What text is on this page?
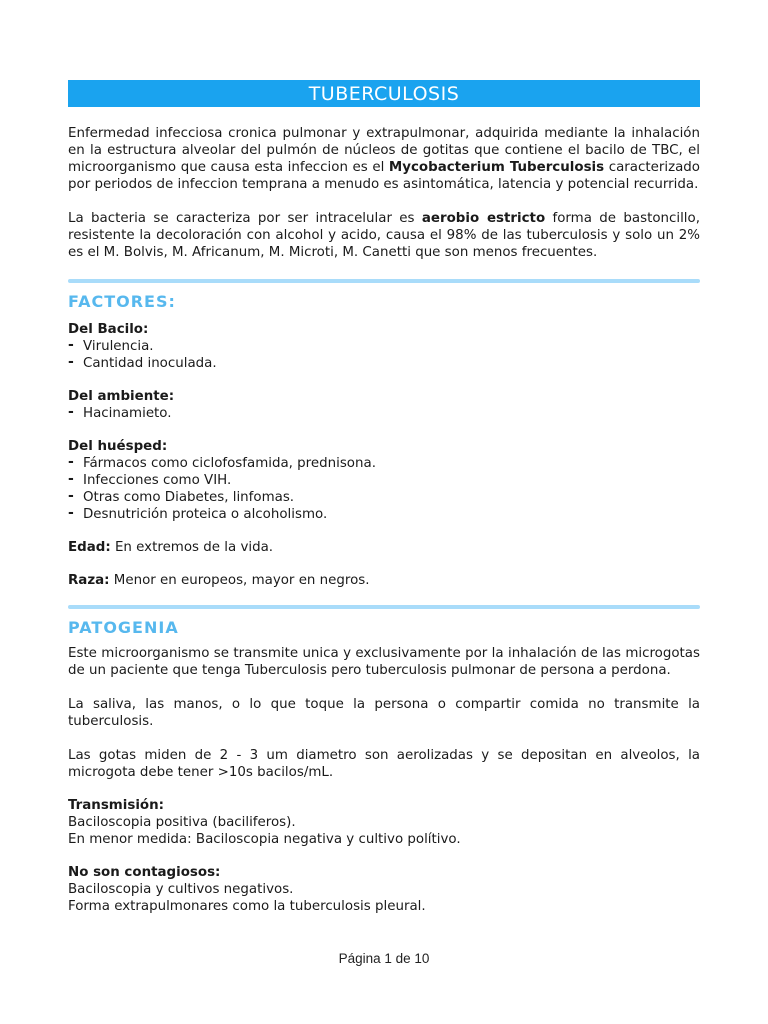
TUBERCULOSIS

Enfermedad infecciosa cronica pulmonar y extrapulmonar, adquirida mediante la inhalación en la estructura alveolar del pulmón de núcleos de gotitas que contiene el bacilo de TBC, el microorganismo que causa esta infeccion es el Mycobacterium Tuberculosis caracterizado por periodos de infeccion temprana a menudo es asintomática, latencia y potencial recurrida.

La bacteria se caracteriza por ser intracelular es aerobio estricto forma de bastoncillo, resistente la decoloración con alcohol y acido, causa el 98% de las tuberculosis y solo un 2% es el M. Bolvis, M. Africanum, M. Microti, M. Canetti que son menos frecuentes.

FACTORES:
Del Bacilo:
- Virulencia.
- Cantidad inoculada.
Del ambiente:
- Hacinamieto.
Del huésped:
- Fármacos como ciclofosfamida, prednisona.
- Infecciones como VIH.
- Otras como Diabetes, linfomas.
- Desnutrición proteica o alcoholismo.
Edad: En extremos de la vida.
Raza: Menor en europeos, mayor en negros.
PATOGENIA

Este microorganismo se transmite unica y exclusivamente por la inhalación de las microgotas de un paciente que tenga Tuberculosis pero tuberculosis pulmonar de persona a perdona.

La saliva, las manos, o lo que toque la persona o compartir comida no transmite la tuberculosis.

Las gotas miden de 2 - 3 um diametro son aerolizadas y se depositan en alveolos, la microgota debe tener >10s bacilos/mL.

Transmisión:
Baciloscopia positiva (baciliferos).
En menor medida: Baciloscopia negativa y cultivo polítivo.
No son contagiosos:
Baciloscopia y cultivos negativos.
Forma extrapulmonares como la tuberculosis pleural.
Página 1 de 10
